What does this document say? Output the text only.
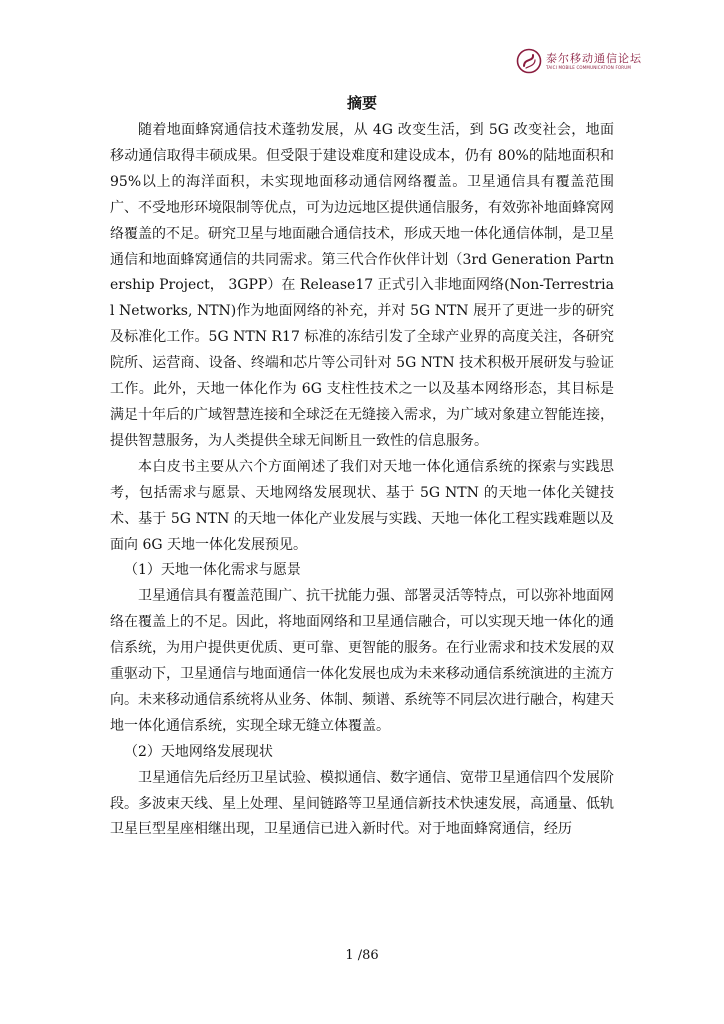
泰尔移动通信论坛
TAICI MOBILE COMMUNICATION FORUM
摘要

随着地面蜂窝通信技术蓬勃发展，从 4G 改变生活，到 5G 改变社会，地面移动通信取得丰硕成果。但受限于建设难度和建设成本，仍有 80%的陆地面积和 95%以上的海洋面积，未实现地面移动通信网络覆盖。卫星通信具有覆盖范围广、不受地形环境限制等优点，可为边远地区提供通信服务，有效弥补地面蜂窝网络覆盖的不足。研究卫星与地面融合通信技术，形成天地一体化通信体制，是卫星通信和地面蜂窝通信的共同需求。第三代合作伙伴计划（3rd Generation Partnership Project， 3GPP）在 Release17 正式引入非地面网络(Non-Terrestrial Networks, NTN)作为地面网络的补充，并对 5G NTN 展开了更进一步的研究及标准化工作。5G NTN R17 标准的冻结引发了全球产业界的高度关注，各研究院所、运营商、设备、终端和芯片等公司针对 5G NTN 技术积极开展研发与验证工作。此外，天地一体化作为 6G 支柱性技术之一以及基本网络形态，其目标是满足十年后的广域智慧连接和全球泛在无缝接入需求，为广域对象建立智能连接，提供智慧服务，为人类提供全球无间断且一致性的信息服务。

本白皮书主要从六个方面阐述了我们对天地一体化通信系统的探索与实践思考，包括需求与愿景、天地网络发展现状、基于 5G NTN 的天地一体化关键技术、基于 5G NTN 的天地一体化产业发展与实践、天地一体化工程实践难题以及面向 6G 天地一体化发展预见。

（1）天地一体化需求与愿景

卫星通信具有覆盖范围广、抗干扰能力强、部署灵活等特点，可以弥补地面网络在覆盖上的不足。因此，将地面网络和卫星通信融合，可以实现天地一体化的通信系统，为用户提供更优质、更可靠、更智能的服务。在行业需求和技术发展的双重驱动下，卫星通信与地面通信一体化发展也成为未来移动通信系统演进的主流方向。未来移动通信系统将从业务、体制、频谱、系统等不同层次进行融合，构建天地一体化通信系统，实现全球无缝立体覆盖。

（2）天地网络发展现状

卫星通信先后经历卫星试验、模拟通信、数字通信、宽带卫星通信四个发展阶段。多波束天线、星上处理、星间链路等卫星通信新技术快速发展，高通量、低轨卫星巨型星座相继出现，卫星通信已进入新时代。对于地面蜂窝通信，经历

1 /86
